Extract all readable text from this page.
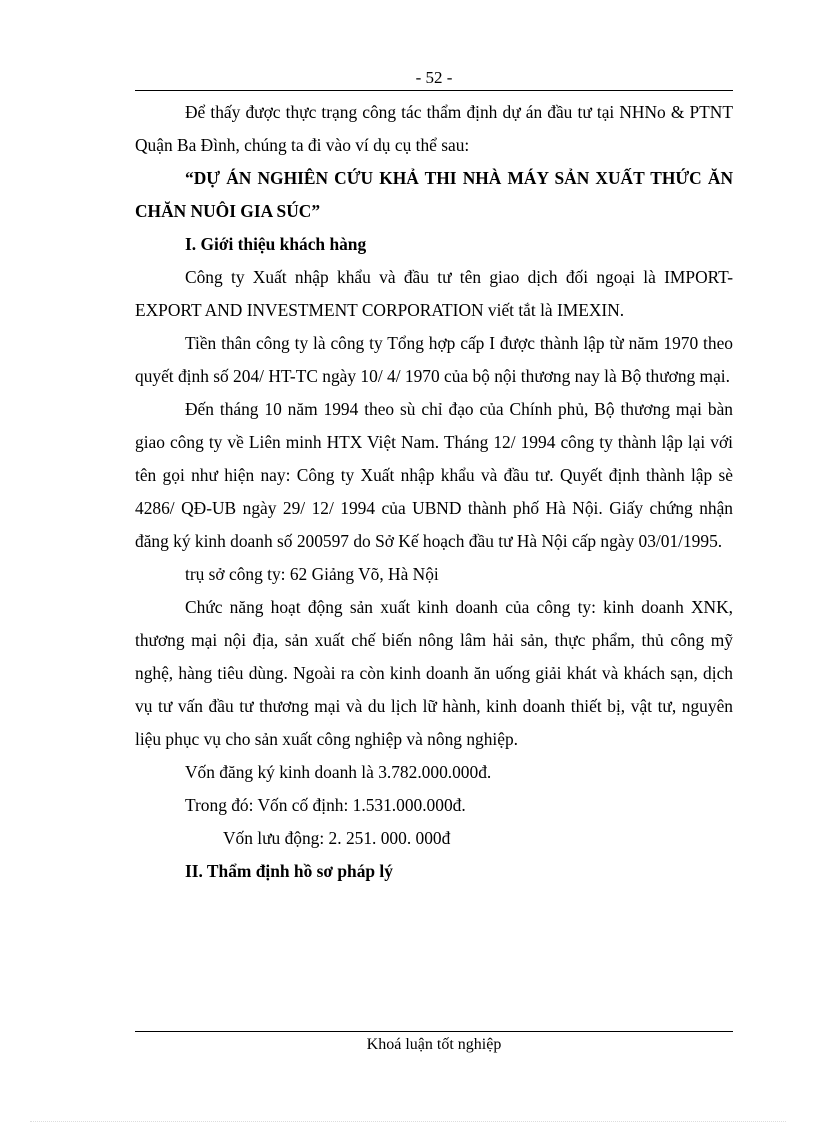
- 52 -

Để thấy được thực trạng công tác thẩm định dự án đầu tư tại NHNo & PTNT Quận Ba Đình, chúng ta đi vào ví dụ cụ thể sau:

“DỰ ÁN NGHIÊN CỨU KHẢ THI NHÀ MÁY SẢN XUẤT THỨC ĂN CHĂN NUÔI GIA SÚC”

I. Giới thiệu khách hàng

Công ty Xuất nhập khẩu và đầu tư tên giao dịch đối ngoại là IMPORT- EXPORT AND INVESTMENT CORPORATION viết tắt là IMEXIN.

Tiền thân công ty là công ty Tổng hợp cấp I được thành lập từ năm 1970 theo quyết định số 204/ HT-TC ngày 10/ 4/ 1970 của bộ nội thương nay là Bộ thương mại.

Đến tháng 10 năm 1994 theo sù chỉ đạo của Chính phủ, Bộ thương mại bàn giao công ty về Liên minh HTX Việt Nam. Tháng 12/ 1994 công ty thành lập lại với tên gọi như hiện nay: Công ty Xuất nhập khẩu và đầu tư. Quyết định thành lập sè 4286/ QĐ-UB ngày 29/ 12/ 1994 của UBND thành phố Hà Nội. Giấy chứng nhận đăng ký kinh doanh số 200597 do Sở Kế hoạch đầu tư Hà Nội cấp ngày 03/01/1995.

trụ sở công ty: 62 Giảng Võ, Hà Nội

Chức năng hoạt động sản xuất kinh doanh của công ty: kinh doanh XNK, thương mại nội địa, sản xuất chế biến nông lâm hải sản, thực phẩm, thủ công mỹ nghệ, hàng tiêu dùng. Ngoài ra còn kinh doanh ăn uống giải khát và khách sạn, dịch vụ tư vấn đầu tư thương mại và du lịch lữ hành, kinh doanh thiết bị, vật tư, nguyên liệu phục vụ cho sản xuất công nghiệp và nông nghiệp.

Vốn đăng ký kinh doanh là 3.782.000.000đ.

Trong đó: Vốn cố định: 1.531.000.000đ.

Vốn lưu động: 2. 251. 000. 000đ

II. Thẩm định hồ sơ pháp lý

Khoá luận tốt nghiệp
